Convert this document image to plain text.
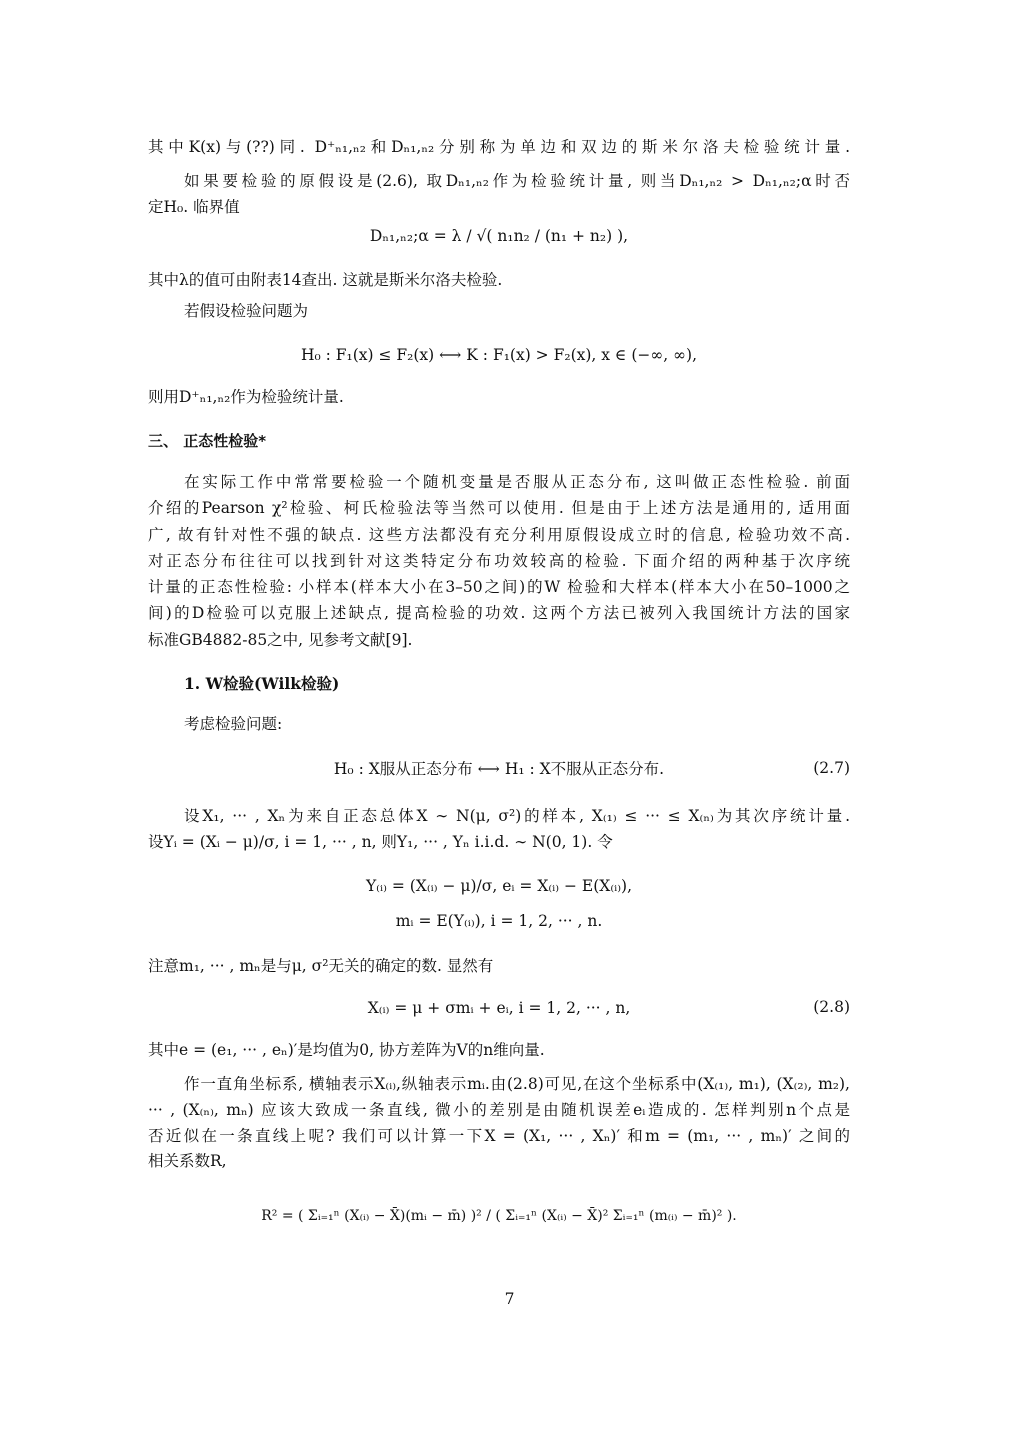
其中K(x)与(??)同. D⁺ₙ₁,ₙ₂和Dₙ₁,ₙ₂分别称为单边和双边的斯米尔洛夫检验统计量.
如果要检验的原假设是(2.6), 取Dₙ₁,ₙ₂作为检验统计量, 则当Dₙ₁,ₙ₂ > Dₙ₁,ₙ₂;α时否
定H₀. 临界值
Dₙ₁,ₙ₂;α = λ / √( n₁n₂ / (n₁ + n₂) ),
其中λ的值可由附表14查出. 这就是斯米尔洛夫检验.
若假设检验问题为
H₀ : F₁(x) ≤ F₂(x) ⟷ K : F₁(x) > F₂(x), x ∈ (−∞, ∞),
则用D⁺ₙ₁,ₙ₂作为检验统计量.
三、 正态性检验*
在实际工作中常常要检验一个随机变量是否服从正态分布, 这叫做正态性检验. 前面
介绍的Pearson χ²检验、柯氏检验法等当然可以使用. 但是由于上述方法是通用的, 适用面
广, 故有针对性不强的缺点. 这些方法都没有充分利用原假设成立时的信息, 检验功效不高.
对正态分布往往可以找到针对这类特定分布功效较高的检验. 下面介绍的两种基于次序统
计量的正态性检验: 小样本(样本大小在3–50之间)的W 检验和大样本(样本大小在50–1000之
间)的D检验可以克服上述缺点, 提高检验的功效. 这两个方法已被列入我国统计方法的国家
标准GB4882-85之中, 见参考文献[9].
1. W检验(Wilk检验)
考虑检验问题:
H₀ : X服从正态分布 ⟷ H₁ : X不服从正态分布.	(2.7)
设X₁, ··· , Xₙ为来自正态总体X ∼ N(μ, σ²)的样本, X₍₁₎ ≤ ··· ≤ X₍ₙ₎为其次序统计量.
设Yᵢ = (Xᵢ − μ)/σ, i = 1, ··· , n, 则Y₁, ··· , Yₙ i.i.d. ∼ N(0, 1). 令
Y₍ᵢ₎ = (X₍ᵢ₎ − μ)/σ, eᵢ = X₍ᵢ₎ − E(X₍ᵢ₎),
mᵢ = E(Y₍ᵢ₎), i = 1, 2, ··· , n.
注意m₁, ··· , mₙ是与μ, σ²无关的确定的数. 显然有
X₍ᵢ₎ = μ + σmᵢ + eᵢ, i = 1, 2, ··· , n,	(2.8)
其中e = (e₁, ··· , eₙ)′是均值为0, 协方差阵为V的n维向量.
作一直角坐标系, 横轴表示X₍ᵢ₎,纵轴表示mᵢ.由(2.8)可见,在这个坐标系中(X₍₁₎, m₁), (X₍₂₎, m₂),
··· , (X₍ₙ₎, mₙ) 应该大致成一条直线, 微小的差别是由随机误差eᵢ造成的. 怎样判别n个点是
否近似在一条直线上呢? 我们可以计算一下X = (X₁, ··· , Xₙ)′ 和m = (m₁, ··· , mₙ)′ 之间的
相关系数R,
R² = ( Σᵢ₌₁ⁿ (X₍ᵢ₎ − X̄)(mᵢ − m̄) )² / ( Σᵢ₌₁ⁿ (X₍ᵢ₎ − X̄)² Σᵢ₌₁ⁿ (m₍ᵢ₎ − m̄)² ).
7
